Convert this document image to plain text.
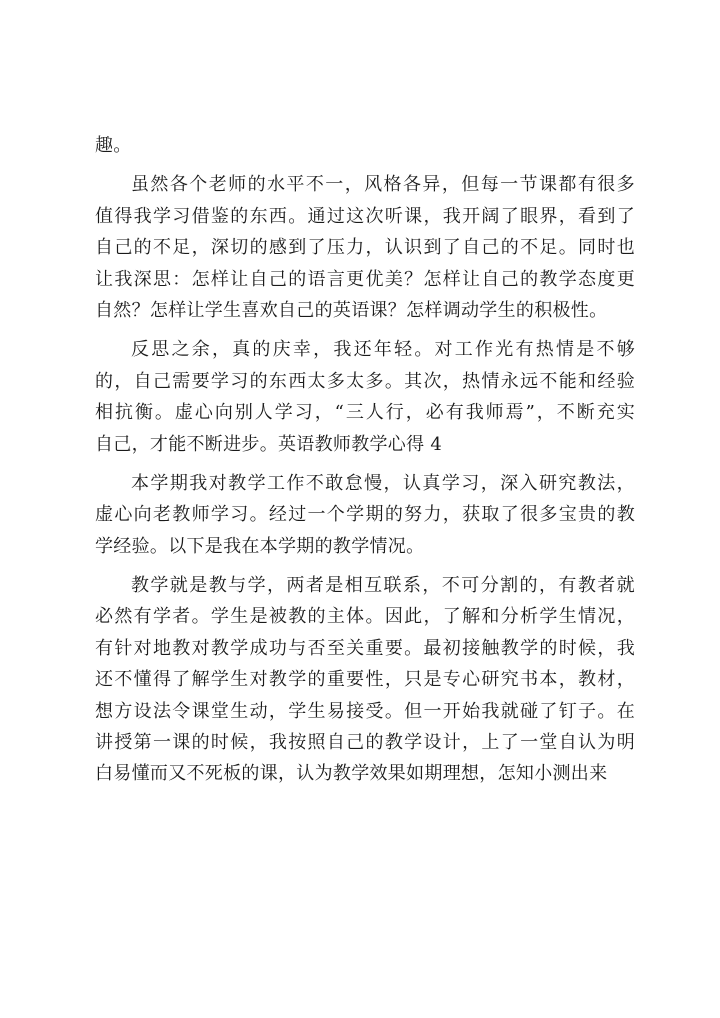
趣。
虽然各个老师的水平不一，风格各异，但每一节课都有很多
值得我学习借鉴的东西。通过这次听课，我开阔了眼界，看到了
自己的不足，深切的感到了压力，认识到了自己的不足。同时也
让我深思：怎样让自己的语言更优美？怎样让自己的教学态度更
自然？怎样让学生喜欢自己的英语课？怎样调动学生的积极性。
反思之余，真的庆幸，我还年轻。对工作光有热情是不够
的，自己需要学习的东西太多太多。其次，热情永远不能和经验
相抗衡。虚心向别人学习，“三人行，必有我师焉”，不断充实
自己，才能不断进步。英语教师教学心得 4
本学期我对教学工作不敢怠慢，认真学习，深入研究教法，
虚心向老教师学习。经过一个学期的努力，获取了很多宝贵的教
学经验。以下是我在本学期的教学情况。
教学就是教与学，两者是相互联系，不可分割的，有教者就
必然有学者。学生是被教的主体。因此，了解和分析学生情况，
有针对地教对教学成功与否至关重要。最初接触教学的时候，我
还不懂得了解学生对教学的重要性，只是专心研究书本，教材，
想方设法令课堂生动，学生易接受。但一开始我就碰了钉子。在
讲授第一课的时候，我按照自己的教学设计，上了一堂自认为明
白易懂而又不死板的课，认为教学效果如期理想，怎知小测出来
